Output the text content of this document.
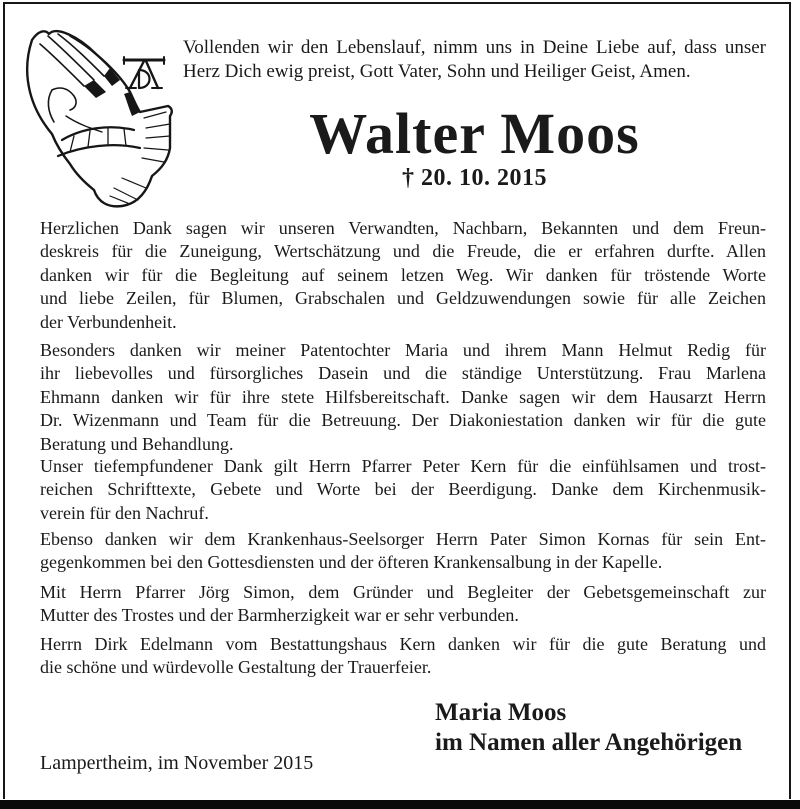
Vollenden wir den Lebenslauf, nimm uns in Deine Liebe auf, dass unser
Herz Dich ewig preist, Gott Vater, Sohn und Heiliger Geist, Amen.
Walter Moos
† 20. 10. 2015
Herzlichen Dank sagen wir unseren Verwandten, Nachbarn, Bekannten und dem Freun-
deskreis für die Zuneigung, Wertschätzung und die Freude, die er erfahren durfte. Allen
danken wir für die Begleitung auf seinem letzen Weg. Wir danken für tröstende Worte
und liebe Zeilen, für Blumen, Grabschalen und Geldzuwendungen sowie für alle Zeichen
der Verbundenheit.
Besonders danken wir meiner Patentochter Maria und ihrem Mann Helmut Redig für
ihr liebevolles und fürsorgliches Dasein und die ständige Unterstützung. Frau Marlena
Ehmann danken wir für ihre stete Hilfsbereitschaft. Danke sagen wir dem Hausarzt Herrn
Dr. Wizenmann und Team für die Betreuung. Der Diakoniestation danken wir für die gute
Beratung und Behandlung.
Unser tiefempfundener Dank gilt Herrn Pfarrer Peter Kern für die einfühlsamen und trost-
reichen Schrifttexte, Gebete und Worte bei der Beerdigung. Danke dem Kirchenmusik-
verein für den Nachruf.
Ebenso danken wir dem Krankenhaus-Seelsorger Herrn Pater Simon Kornas für sein Ent-
gegenkommen bei den Gottesdiensten und der öfteren Krankensalbung in der Kapelle.
Mit Herrn Pfarrer Jörg Simon, dem Gründer und Begleiter der Gebetsgemeinschaft zur
Mutter des Trostes und der Barmherzigkeit war er sehr verbunden.
Herrn Dirk Edelmann vom Bestattungshaus Kern danken wir für die gute Beratung und
die schöne und würdevolle Gestaltung der Trauerfeier.
Maria Moos
im Namen aller Angehörigen
Lampertheim, im November 2015
